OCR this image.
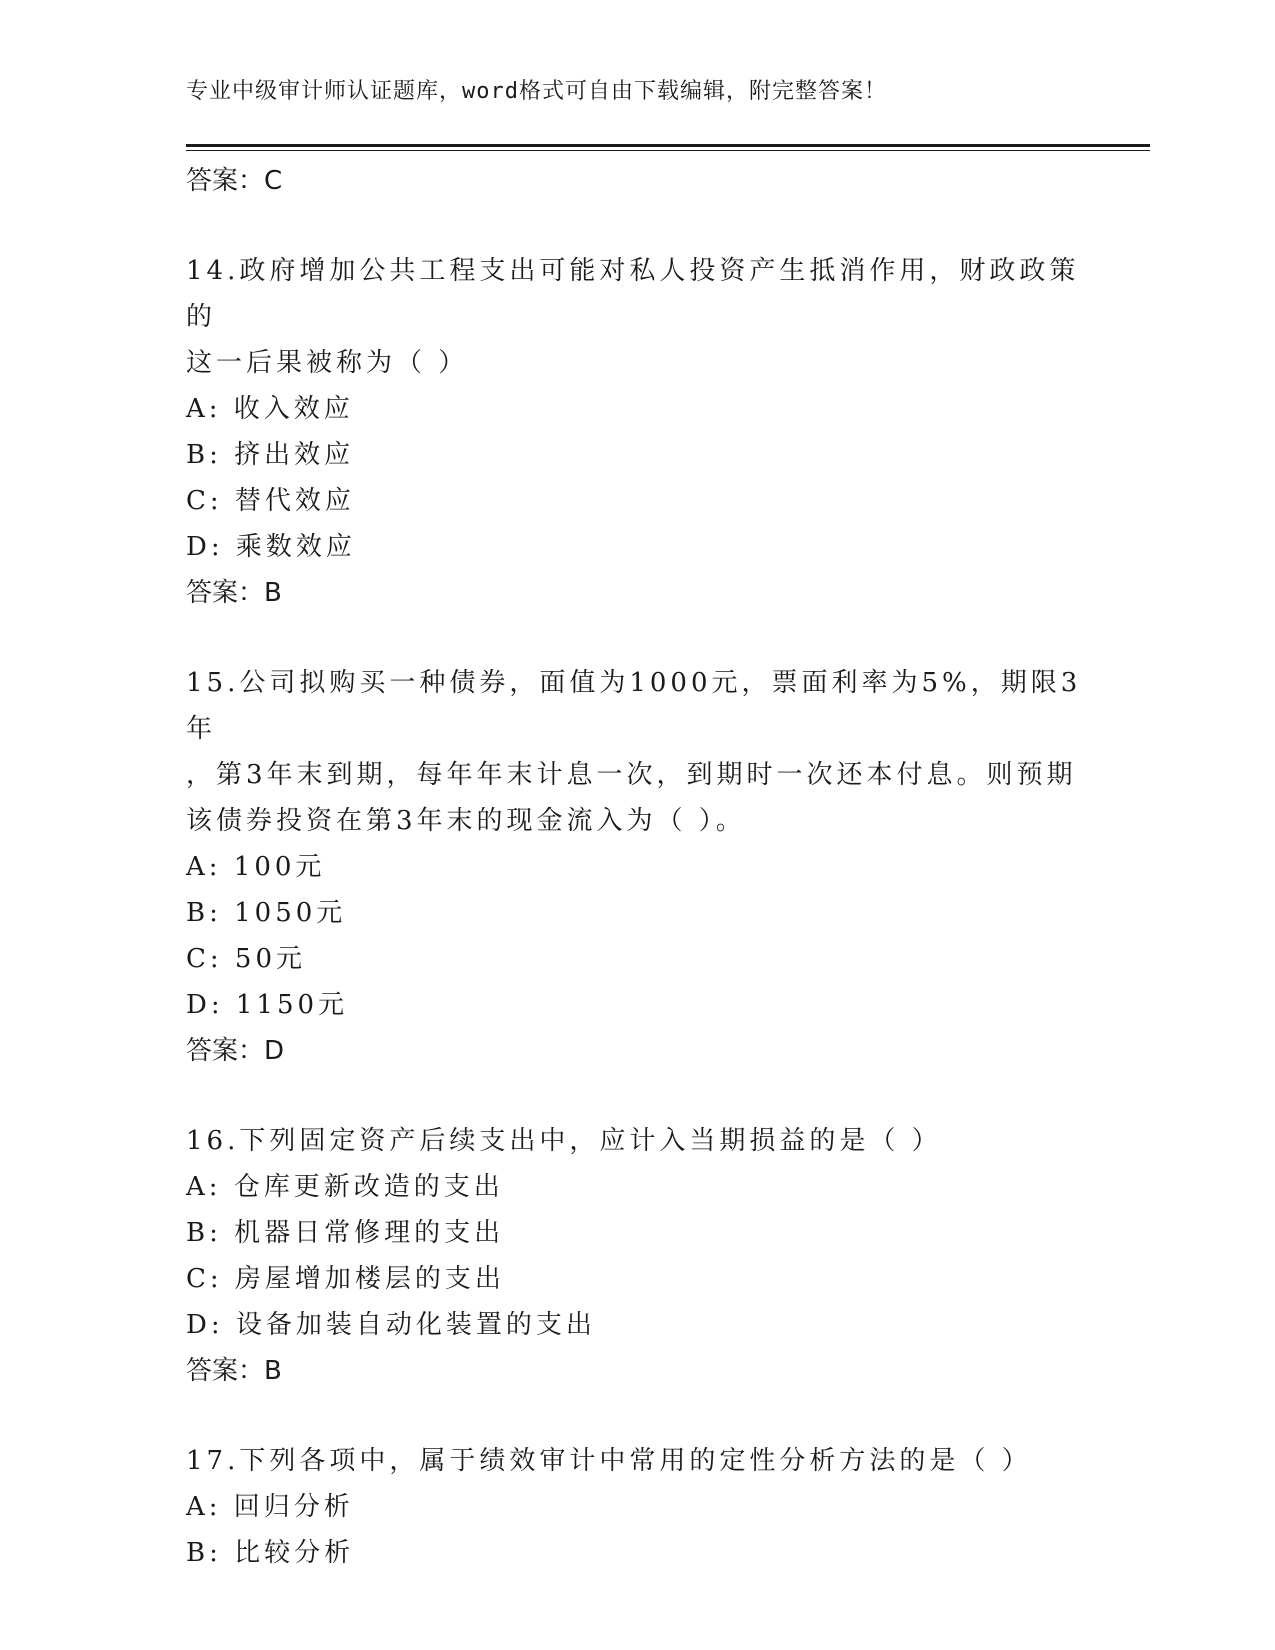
专业中级审计师认证题库，word格式可自由下载编辑，附完整答案！
答案：C
14.政府增加公共工程支出可能对私人投资产生抵消作用，财政政策的
这一后果被称为（ ）
A: 收入效应
B: 挤出效应
C: 替代效应
D: 乘数效应
答案：B
15.公司拟购买一种债券，面值为1000元，票面利率为5%，期限3年
，第3年末到期，每年年末计息一次，到期时一次还本付息。则预期
该债券投资在第3年末的现金流入为（ ）。
A: 100元
B: 1050元
C: 50元
D: 1150元
答案：D
16.下列固定资产后续支出中，应计入当期损益的是（ ）
A: 仓库更新改造的支出
B: 机器日常修理的支出
C: 房屋增加楼层的支出
D: 设备加装自动化装置的支出
答案：B
17.下列各项中，属于绩效审计中常用的定性分析方法的是（ ）
A: 回归分析
B: 比较分析
